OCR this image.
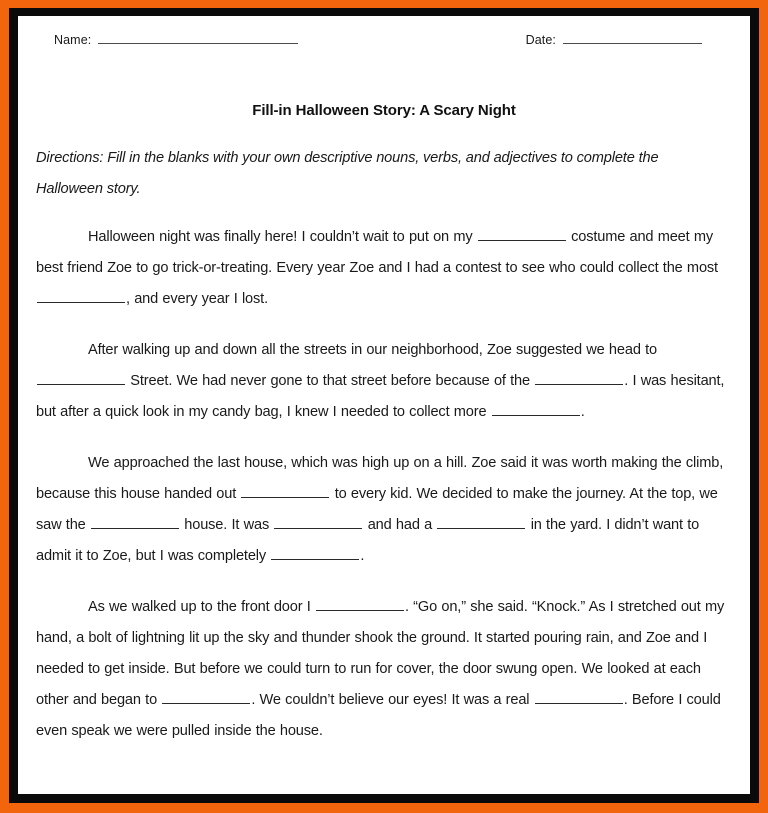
Name:	Date:
Fill-in Halloween Story: A Scary Night
Directions: Fill in the blanks with your own descriptive nouns, verbs, and adjectives to complete the Halloween story.

Halloween night was finally here! I couldn’t wait to put on my	costume and meet my best friend Zoe to go trick-or-treating. Every year Zoe and I had a contest to see who could collect the most , and every year I lost.

After walking up and down all the streets in our neighborhood, Zoe suggested we head to  Street. We had never gone to that street before because of the	. I was hesitant, but after a quick look in my candy bag, I knew I needed to collect more	.

We approached the last house, which was high up on a hill. Zoe said it was worth making the climb, because this house handed out	to every kid. We decided to make the journey. At the top, we saw the	house. It was	and had a	in the yard. I didn’t want to admit it to Zoe, but I was completely	.

As we walked up to the front door I	. “Go on,” she said. “Knock.” As I stretched out my hand, a bolt of lightning lit up the sky and thunder shook the ground. It started pouring rain, and Zoe and I needed to get inside. But before we could turn to run for cover, the door swung open. We looked at each other and began to	. We couldn’t believe our eyes! It was a real	. Before I could even speak we were pulled inside the house.
